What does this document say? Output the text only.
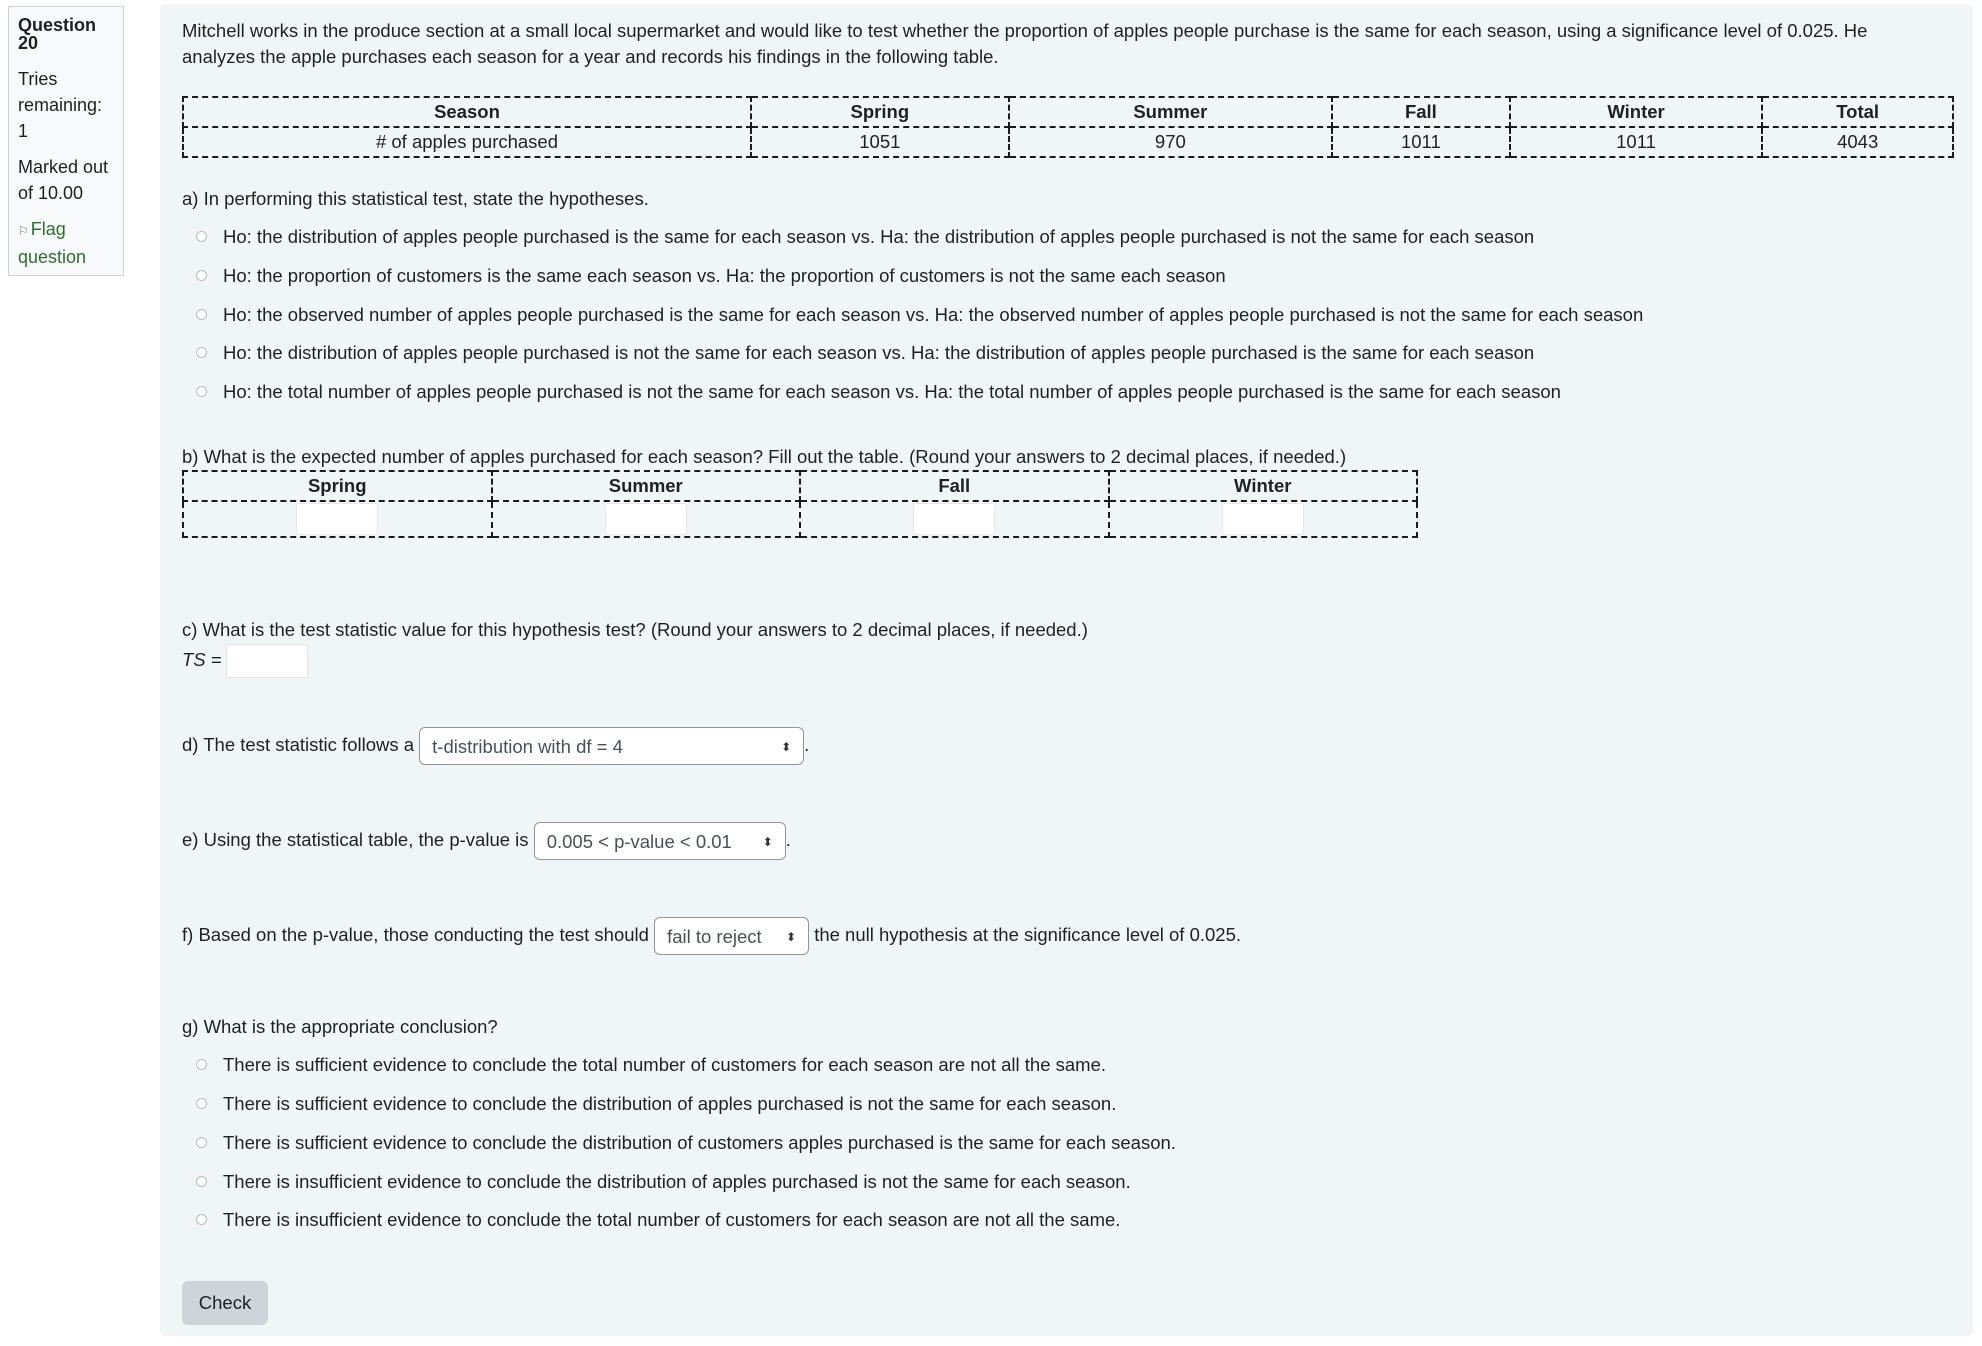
Question
20
Tries
remaining:
1
Marked out
of 10.00
⚐ Flag
question
Mitchell works in the produce section at a small local supermarket and would like to test whether the proportion of apples people purchase is the same for each season, using a significance level of 0.025. He analyzes the apple purchases each season for a year and records his findings in the following table.
Season	Spring	Summer	Fall	Winter	Total
# of apples purchased	1051	970	1011	1011	4043
a) In performing this statistical test, state the hypotheses.
Ho: the distribution of apples people purchased is the same for each season vs. Ha: the distribution of apples people purchased is not the same for each season
Ho: the proportion of customers is the same each season vs. Ha: the proportion of customers is not the same each season
Ho: the observed number of apples people purchased is the same for each season vs. Ha: the observed number of apples people purchased is not the same for each season
Ho: the distribution of apples people purchased is not the same for each season vs. Ha: the distribution of apples people purchased is the same for each season
Ho: the total number of apples people purchased is not the same for each season vs. Ha: the total number of apples people purchased is the same for each season
b) What is the expected number of apples purchased for each season? Fill out the table. (Round your answers to 2 decimal places, if needed.)
Spring	Summer	Fall	Winter

c) What is the test statistic value for this hypothesis test? (Round your answers to 2 decimal places, if needed.)
TS =
d) The test statistic follows a t-distribution with df = 4	⬍ .
e) Using the statistical table, the p-value is 0.005 < p-value < 0.01	⬍ .
f) Based on the p-value, those conducting the test should fail to reject ⬍ the null hypothesis at the significance level of 0.025.
g) What is the appropriate conclusion?
There is sufficient evidence to conclude the total number of customers for each season are not all the same.
There is sufficient evidence to conclude the distribution of apples purchased is not the same for each season.
There is sufficient evidence to conclude the distribution of customers apples purchased is the same for each season.
There is insufficient evidence to conclude the distribution of apples purchased is not the same for each season.
There is insufficient evidence to conclude the total number of customers for each season are not all the same.
Check
